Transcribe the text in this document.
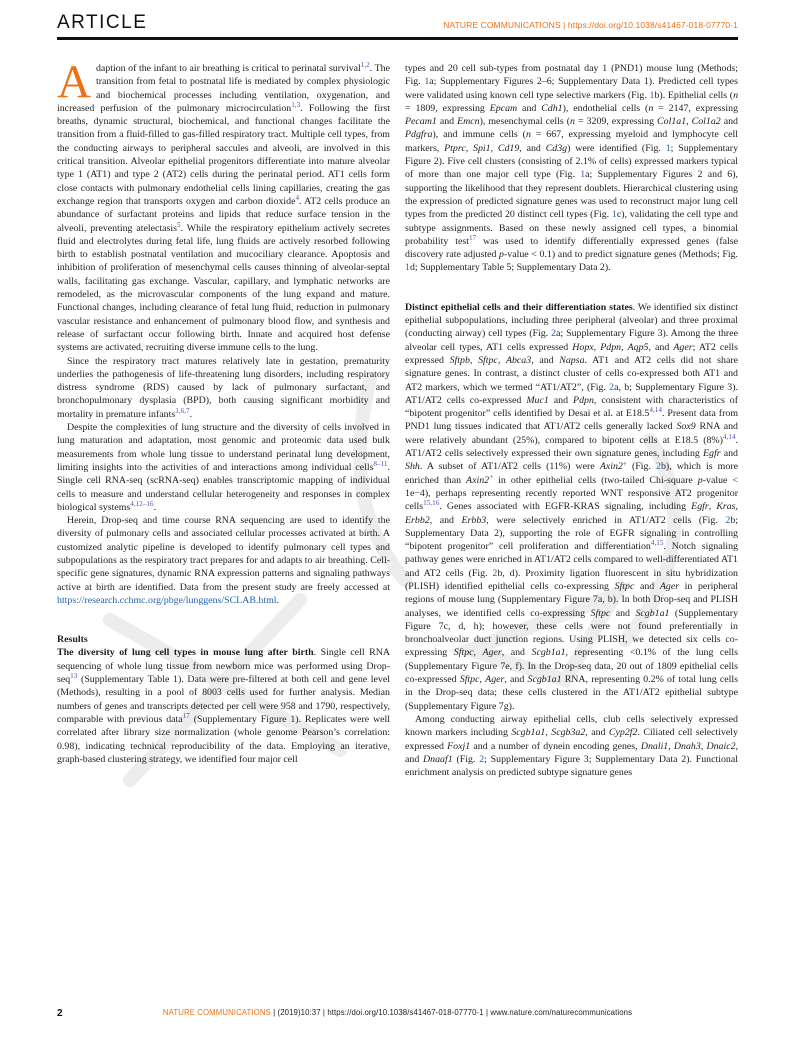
ARTICLE	NATURE COMMUNICATIONS | https://doi.org/10.1038/s41467-018-07770-1

Adaption of the infant to air breathing is critical to perinatal survival$^{1,2}$. The transition from fetal to postnatal life is mediated by complex physiologic and biochemical processes including ventilation, oxygenation, and increased perfusion of the pulmonary microcirculation$^{1,3}$. Following the first breaths, dynamic structural, biochemical, and functional changes facilitate the transition from a fluid-filled to gas-filled respiratory tract. Multiple cell types, from the conducting airways to peripheral saccules and alveoli, are involved in this critical transition. Alveolar epithelial progenitors differentiate into mature alveolar type 1 (AT1) and type 2 (AT2) cells during the perinatal period. AT1 cells form close contacts with pulmonary endothelial cells lining capillaries, creating the gas exchange region that transports oxygen and carbon dioxide$^4$. AT2 cells produce an abundance of surfactant proteins and lipids that reduce surface tension in the alveoli, preventing atelectasis$^5$. While the respiratory epithelium actively secretes fluid and electrolytes during fetal life, lung fluids are actively resorbed following birth to establish postnatal ventilation and mucociliary clearance. Apoptosis and inhibition of proliferation of mesenchymal cells causes thinning of alveolar-septal walls, facilitating gas exchange. Vascular, capillary, and lymphatic networks are remodeled, as the microvascular components of the lung expand and mature. Functional changes, including clearance of fetal lung fluid, reduction in pulmonary vascular resistance and enhancement of pulmonary blood flow, and synthesis and release of surfactant occur following birth. Innate and acquired host defense systems are activated, recruiting diverse immune cells to the lung.

Since the respiratory tract matures relatively late in gestation, prematurity underlies the pathogenesis of life-threatening lung disorders, including respiratory distress syndrome (RDS) caused by lack of pulmonary surfactant, and bronchopulmonary dysplasia (BPD), both causing significant morbidity and mortality in premature infants$^{1,6,7}$.

Despite the complexities of lung structure and the diversity of cells involved in lung maturation and adaptation, most genomic and proteomic data used bulk measurements from whole lung tissue to understand perinatal lung development, limiting insights into the activities of and interactions among individual cells$^{8-11}$. Single cell RNA-seq (scRNA-seq) enables transcriptomic mapping of individual cells to measure and understand cellular heterogeneity and responses in complex biological systems$^{4,12-16}$.

Herein, Drop-seq and time course RNA sequencing are used to identify the diversity of pulmonary cells and associated cellular processes activated at birth. A customized analytic pipeline is developed to identify pulmonary cell types and subpopulations as the respiratory tract prepares for and adapts to air breathing. Cell-specific gene signatures, dynamic RNA expression patterns and signaling pathways active at birth are identified. Data from the present study are freely accessed at https://research.cchmc.org/pbge/lunggens/SCLAB.html.

Results

The diversity of lung cell types in mouse lung after birth. Single cell RNA sequencing of whole lung tissue from newborn mice was performed using Drop-seq$^{13}$ (Supplementary Table 1). Data were pre-filtered at both cell and gene level (Methods), resulting in a pool of 8003 cells used for further analysis. Median numbers of genes and transcripts detected per cell were 958 and 1790, respectively, comparable with previous data$^{17}$ (Supplementary Figure 1). Replicates were well correlated after library size normalization (whole genome Pearson’s correlation: 0.98), indicating technical reproducibility of the data. Employing an iterative, graph-based clustering strategy, we identified four major cell

types and 20 cell sub-types from postnatal day 1 (PND1) mouse lung (Methods; Fig. 1a; Supplementary Figures 2–6; Supplementary Data 1). Predicted cell types were validated using known cell type selective markers (Fig. 1b). Epithelial cells (n = 1809, expressing Epcam and Cdh1), endothelial cells (n = 2147, expressing Pecam1 and Emcn), mesenchymal cells (n = 3209, expressing Col1a1, Col1a2 and Pdgfra), and immune cells (n = 667, expressing myeloid and lymphocyte cell markers, Ptprc, Spi1, Cd19, and Cd3g) were identified (Fig. 1; Supplementary Figure 2). Five cell clusters (consisting of 2.1% of cells) expressed markers typical of more than one major cell type (Fig. 1a; Supplementary Figures 2 and 6), supporting the likelihood that they represent doublets. Hierarchical clustering using the expression of predicted signature genes was used to reconstruct major lung cell types from the predicted 20 distinct cell types (Fig. 1c), validating the cell type and subtype assignments. Based on these newly assigned cell types, a binomial probability test$^{17}$ was used to identify differentially expressed genes (false discovery rate adjusted p-value < 0.1) and to predict signature genes (Methods; Fig. 1d; Supplementary Table 5; Supplementary Data 2).

Distinct epithelial cells and their differentiation states. We identified six distinct epithelial subpopulations, including three peripheral (alveolar) and three proximal (conducting airway) cell types (Fig. 2a; Supplementary Figure 3). Among the three alveolar cell types, AT1 cells expressed Hopx, Pdpn, Aqp5, and Ager; AT2 cells expressed Sftpb, Sftpc, Abca3, and Napsa. AT1 and AT2 cells did not share signature genes. In contrast, a distinct cluster of cells co-expressed both AT1 and AT2 markers, which we termed “AT1/AT2”, (Fig. 2a, b; Supplementary Figure 3). AT1/AT2 cells co-expressed Muc1 and Pdpn, consistent with characteristics of “bipotent progenitor” cells identified by Desai et al. at E18.5$^{4,14}$. Present data from PND1 lung tissues indicated that AT1/AT2 cells generally lacked Sox9 RNA and were relatively abundant (25%), compared to bipotent cells at E18.5 (8%)$^{4,14}$. AT1/AT2 cells selectively expressed their own signature genes, including Egfr and Shh. A subset of AT1/AT2 cells (11%) were Axin2+ (Fig. 2b), which is more enriched than Axin2+ in other epithelial cells (two-tailed Chi-square p-value < 1e−4), perhaps representing recently reported WNT responsive AT2 progenitor cells$^{15,16}$. Genes associated with EGFR-KRAS signaling, including Egfr, Kras, Erbb2, and Erbb3, were selectively enriched in AT1/AT2 cells (Fig. 2b; Supplementary Data 2), supporting the role of EGFR signaling in controlling “bipotent progenitor” cell proliferation and differentiation$^{4,15}$. Notch signaling pathway genes were enriched in AT1/AT2 cells compared to well-differentiated AT1 and AT2 cells (Fig. 2b, d). Proximity ligation fluorescent in situ hybridization (PLISH) identified epithelial cells co-expressing Sftpc and Ager in peripheral regions of mouse lung (Supplementary Figure 7a, b). In both Drop-seq and PLISH analyses, we identified cells co-expressing Sftpc and Scgb1a1 (Supplementary Figure 7c, d, h); however, these cells were not found preferentially in bronchoalveolar duct junction regions. Using PLISH, we detected six cells co-expressing Sftpc, Ager, and Scgb1a1, representing <0.1% of the lung cells (Supplementary Figure 7e, f). In the Drop-seq data, 20 out of 1809 epithelial cells co-expressed Sftpc, Ager, and Scgb1a1 RNA, representing 0.2% of total lung cells in the Drop-seq data; these cells clustered in the AT1/AT2 epithelial subtype (Supplementary Figure 7g).

Among conducting airway epithelial cells, club cells selectively expressed known markers including Scgb1a1, Scgb3a2, and Cyp2f2. Ciliated cell selectively expressed Foxj1 and a number of dynein encoding genes, Dnali1, Dnah3, Dnaic2, and Dnaaf1 (Fig. 2; Supplementary Figure 3; Supplementary Data 2). Functional enrichment analysis on predicted subtype signature genes

2	NATURE COMMUNICATIONS | (2019)10:37 | https://doi.org/10.1038/s41467-018-07770-1 | www.nature.com/naturecommunications
